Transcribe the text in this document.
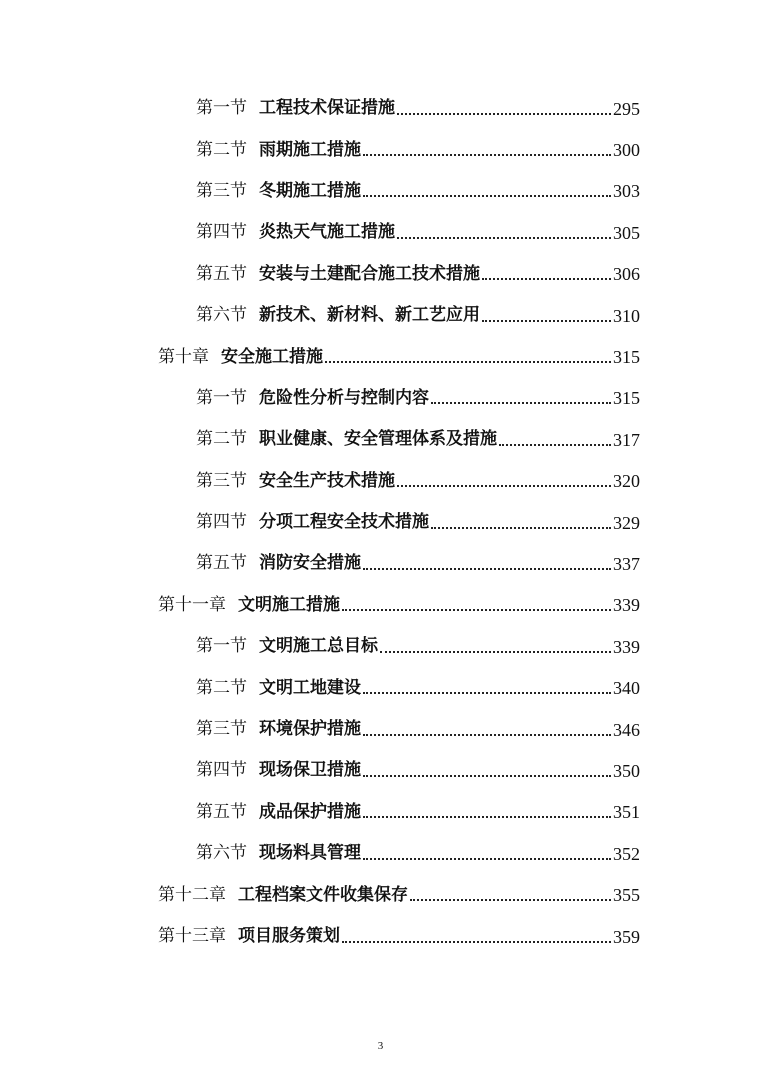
第一节 工程技术保证措施	295
第二节 雨期施工措施	300
第三节 冬期施工措施	303
第四节 炎热天气施工措施	305
第五节 安装与土建配合施工技术措施	306
第六节 新技术、新材料、新工艺应用	310
第十章 安全施工措施	315
第一节 危险性分析与控制内容	315
第二节 职业健康、安全管理体系及措施	317
第三节 安全生产技术措施	320
第四节 分项工程安全技术措施	329
第五节 消防安全措施	337
第十一章 文明施工措施	339
第一节 文明施工总目标	339
第二节 文明工地建设	340
第三节 环境保护措施	346
第四节 现场保卫措施	350
第五节 成品保护措施	351
第六节 现场料具管理	352
第十二章 工程档案文件收集保存	355
第十三章 项目服务策划	359
3
